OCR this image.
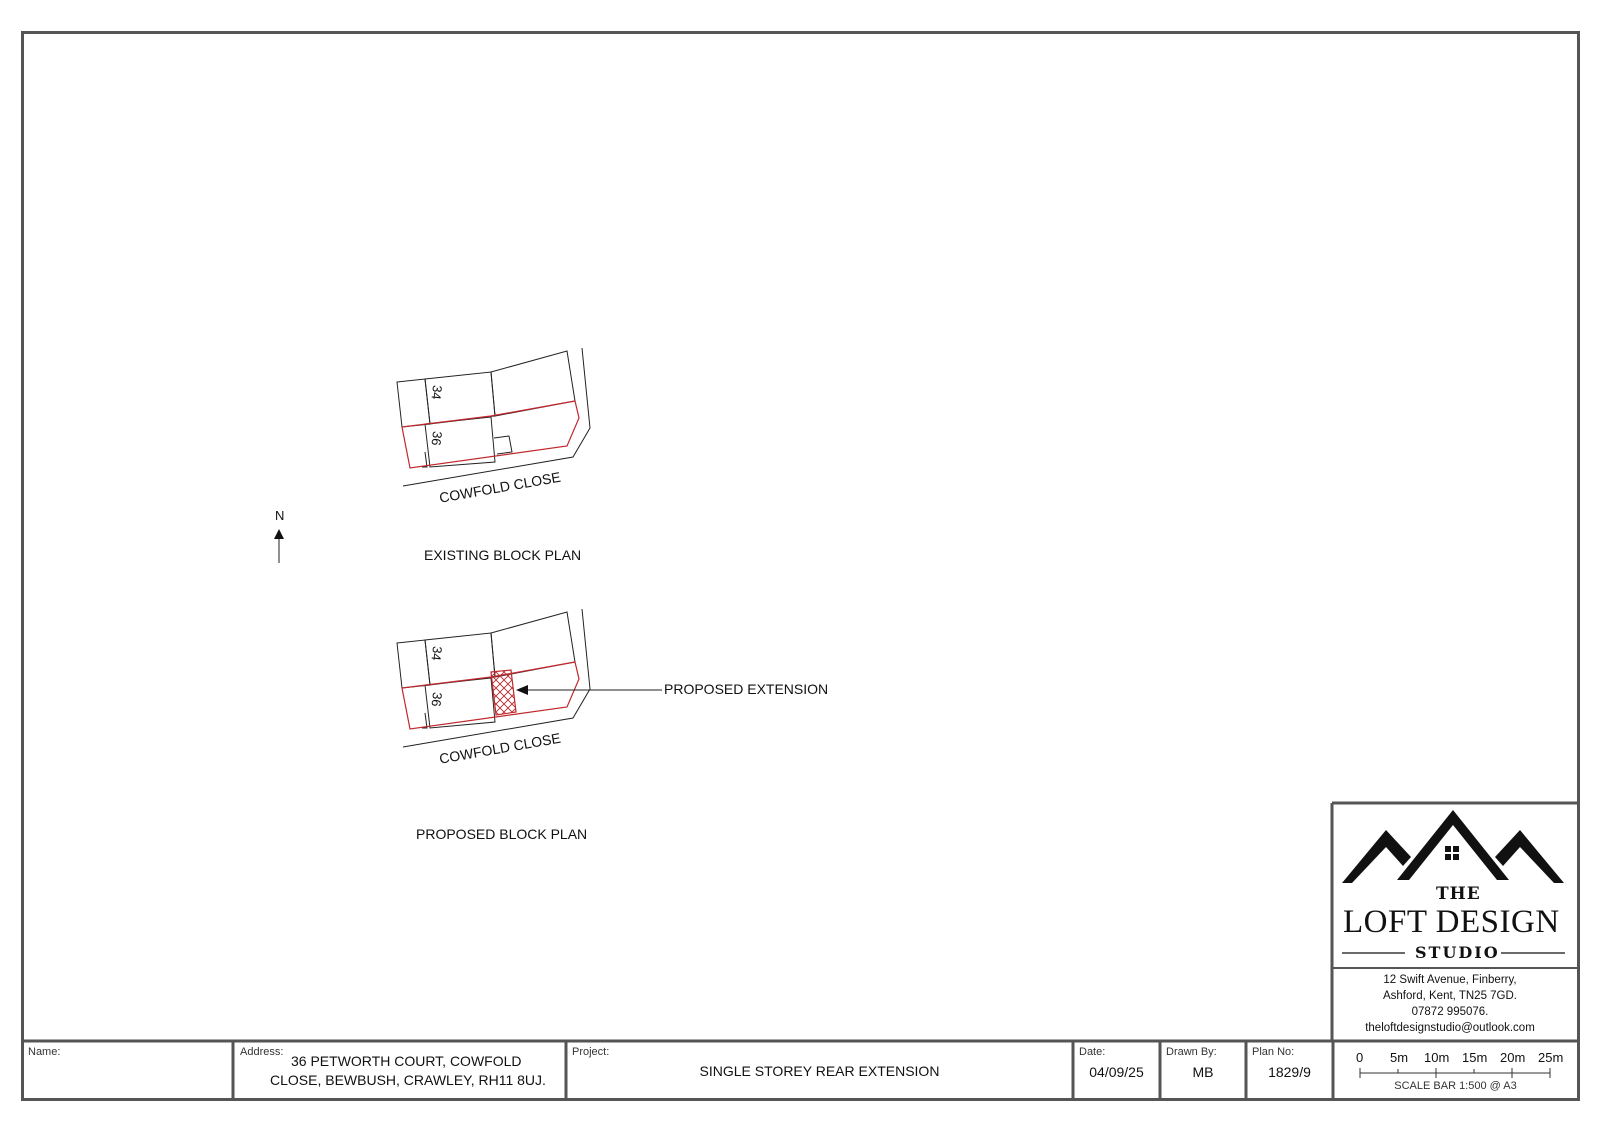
34
36
COWFOLD CLOSE
EXISTING BLOCK PLAN
N
34
36
COWFOLD CLOSE
PROPOSED EXTENSION
PROPOSED BLOCK PLAN
THE
LOFT DESIGN
STUDIO
12 Swift Avenue, Finberry,
Ashford, Kent, TN25 7GD.
07872 995076.
theloftdesignstudio@outlook.com
Name:	Address:
36 PETWORTH COURT, COWFOLD
CLOSE, BEWBUSH, CRAWLEY, RH11 8UJ.
Project:
SINGLE STOREY REAR EXTENSION
Date:
04/09/25
Drawn By:
MB
Plan No:
1829/9
0 5m 10m 15m 20m 25m
SCALE BAR 1:500 @ A3
